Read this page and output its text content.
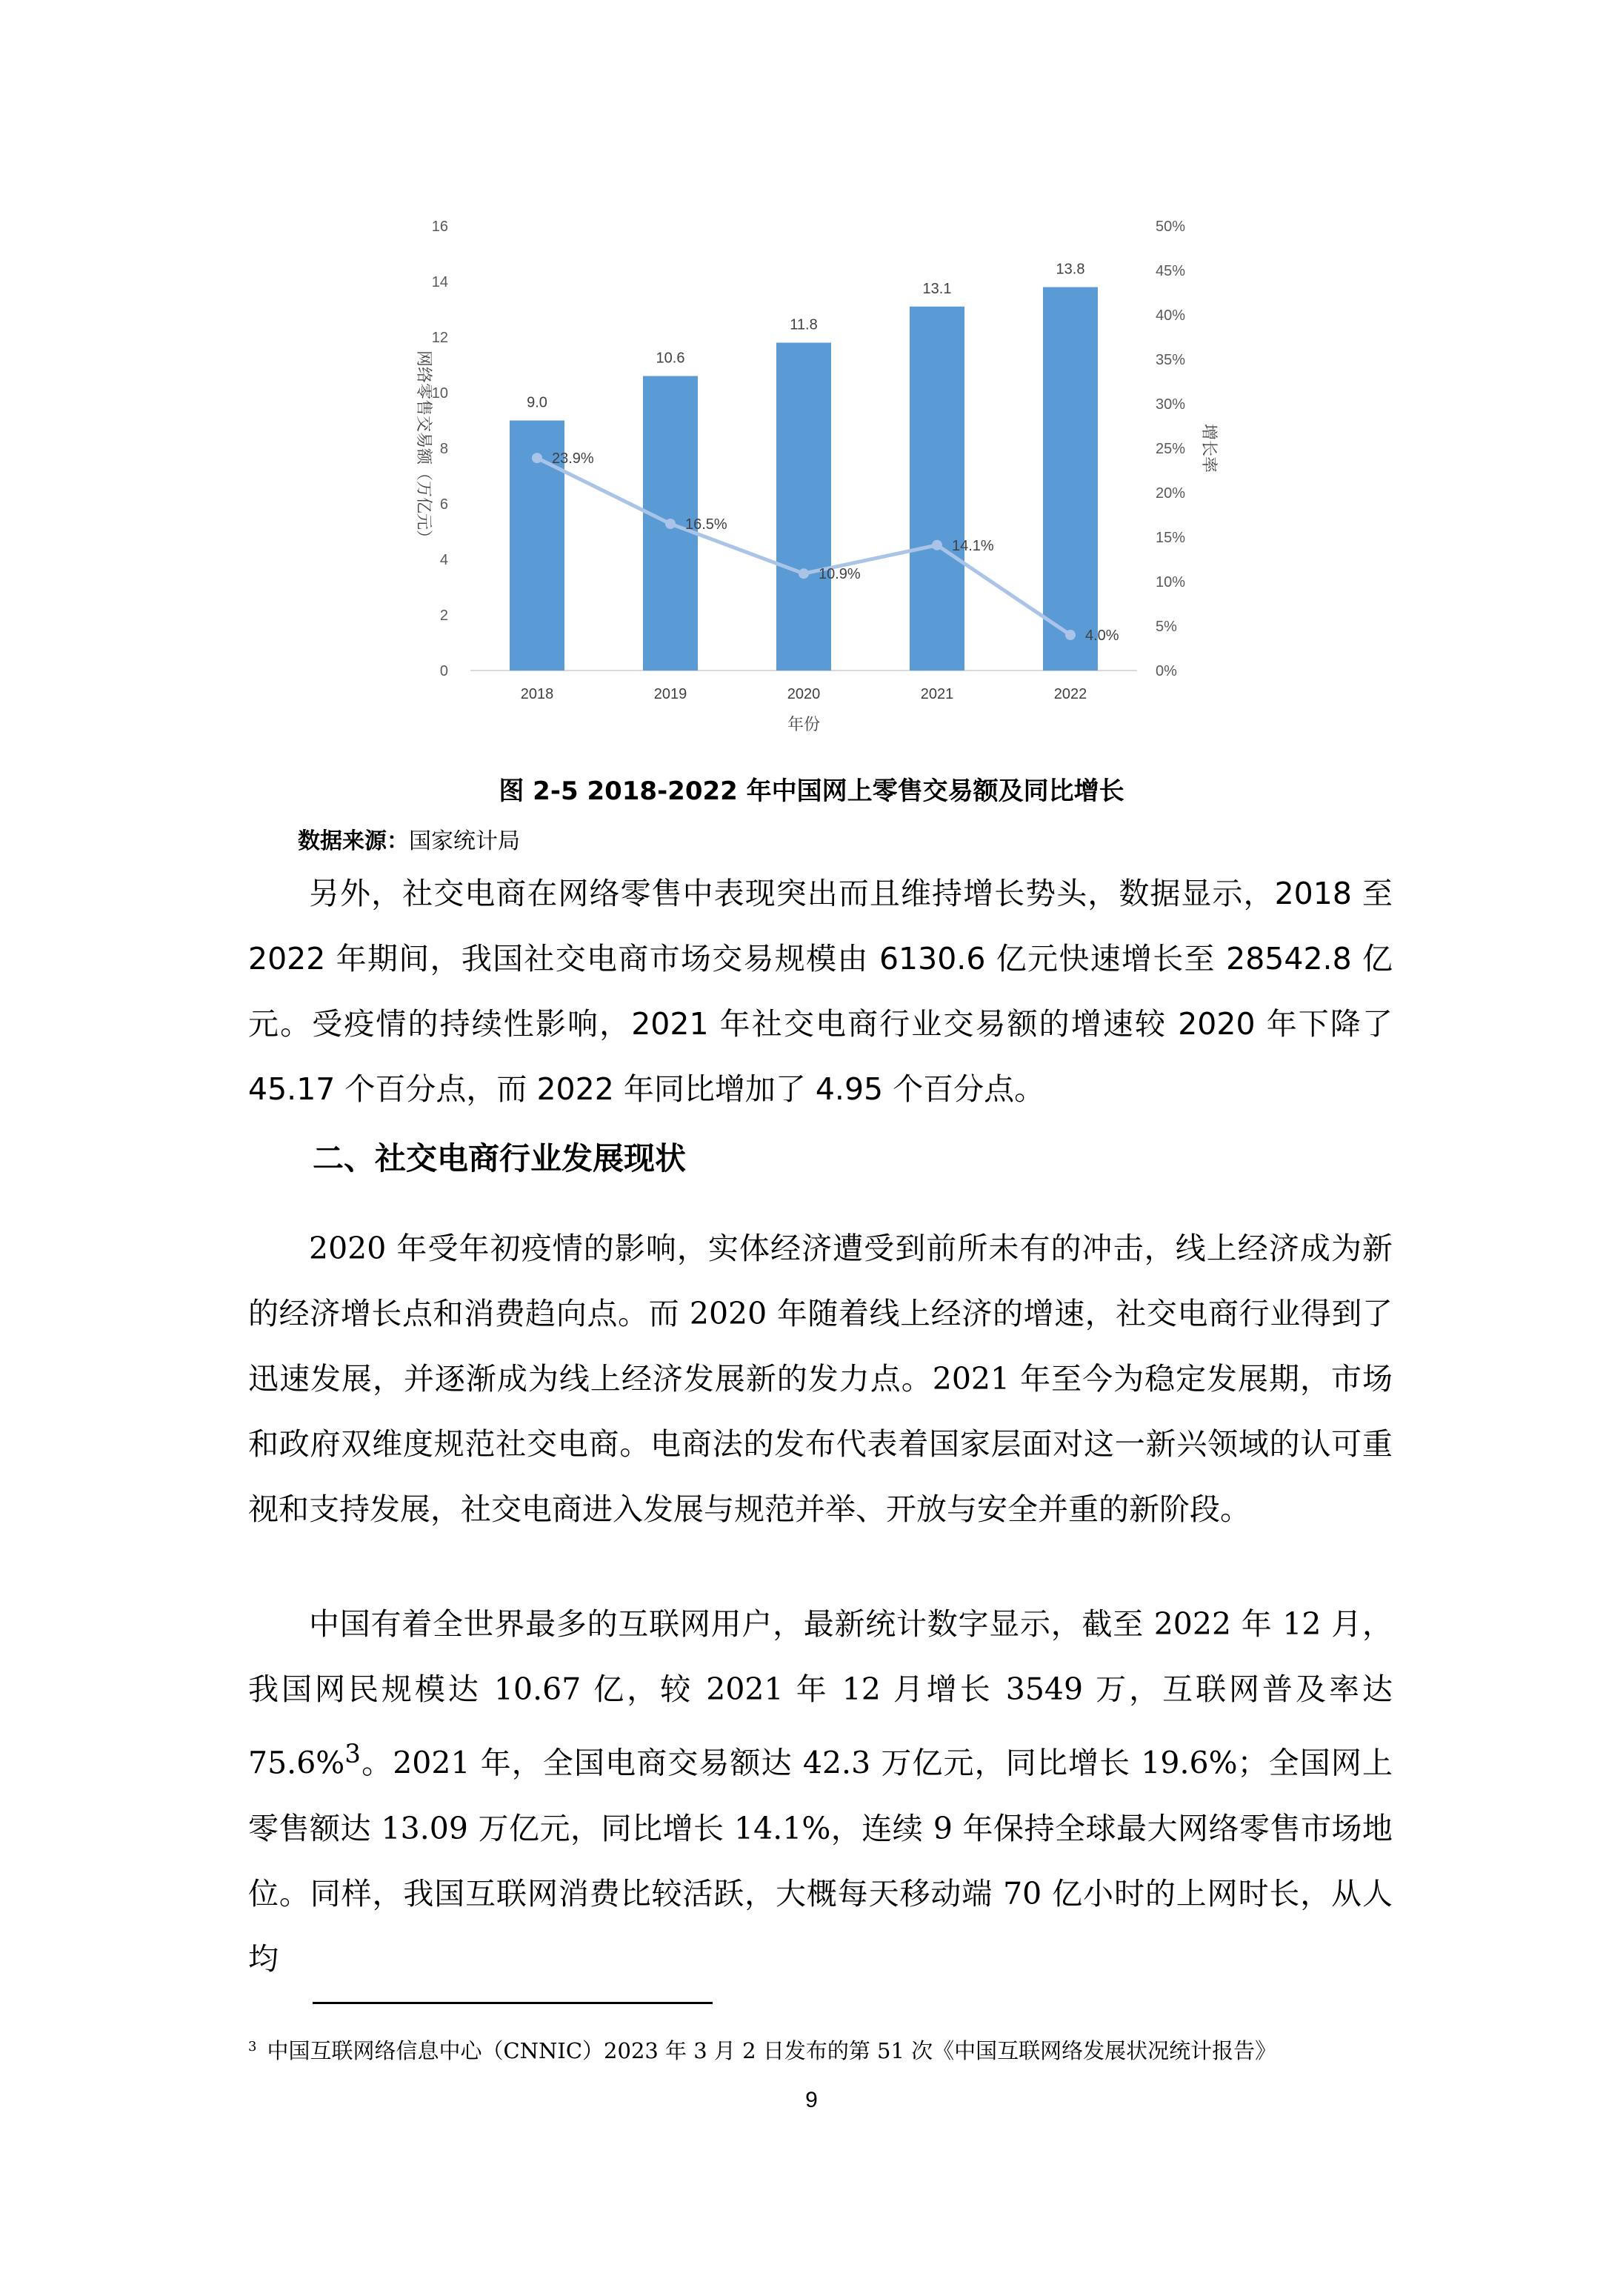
0
2
4
6
8
10
12
14
16
0%
5%
10%
15%
20%
25%
30%
35%
40%
45%
50%
9.0
10.6
11.8
13.1
13.8
2018	2019	2020	2021	2022
23.9%
16.5%
10.9%
14.1%
4.0%
年份
网络零售交易额（万亿元）	增长率
图 2-5 2018-2022 年中国网上零售交易额及同比增长
数据来源：国家统计局

另外，社交电商在网络零售中表现突出而且维持增长势头，数据显示，2018 至 2022 年期间，我国社交电商市场交易规模由 6130.6 亿元快速增长至 28542.8 亿元。受疫情的持续性影响，2021 年社交电商行业交易额的增速较 2020 年下降了 45.17 个百分点，而 2022 年同比增加了 4.95 个百分点。

二、社交电商行业发展现状

2020 年受年初疫情的影响，实体经济遭受到前所未有的冲击，线上经济成为新的经济增长点和消费趋向点。而 2020 年随着线上经济的增速，社交电商行业得到了迅速发展，并逐渐成为线上经济发展新的发力点。2021 年至今为稳定发展期，市场和政府双维度规范社交电商。电商法的发布代表着国家层面对这一新兴领域的认可重视和支持发展，社交电商进入发展与规范并举、开放与安全并重的新阶段。

中国有着全世界最多的互联网用户，最新统计数字显示，截至 2022 年 12 月，我国网民规模达 10.67 亿，较 2021 年 12 月增长 3549 万，互联网普及率达 75.6%$^3$。2021 年，全国电商交易额达 42.3 万亿元，同比增长 19.6%；全国网上零售额达 13.09 万亿元，同比增长 14.1%，连续 9 年保持全球最大网络零售市场地位。同样，我国互联网消费比较活跃，大概每天移动端 70 亿小时的上网时长，从人均

$^3$ 中国互联网络信息中心（CNNIC）2023 年 3 月 2 日发布的第 51 次《中国互联网络发展状况统计报告》
9
